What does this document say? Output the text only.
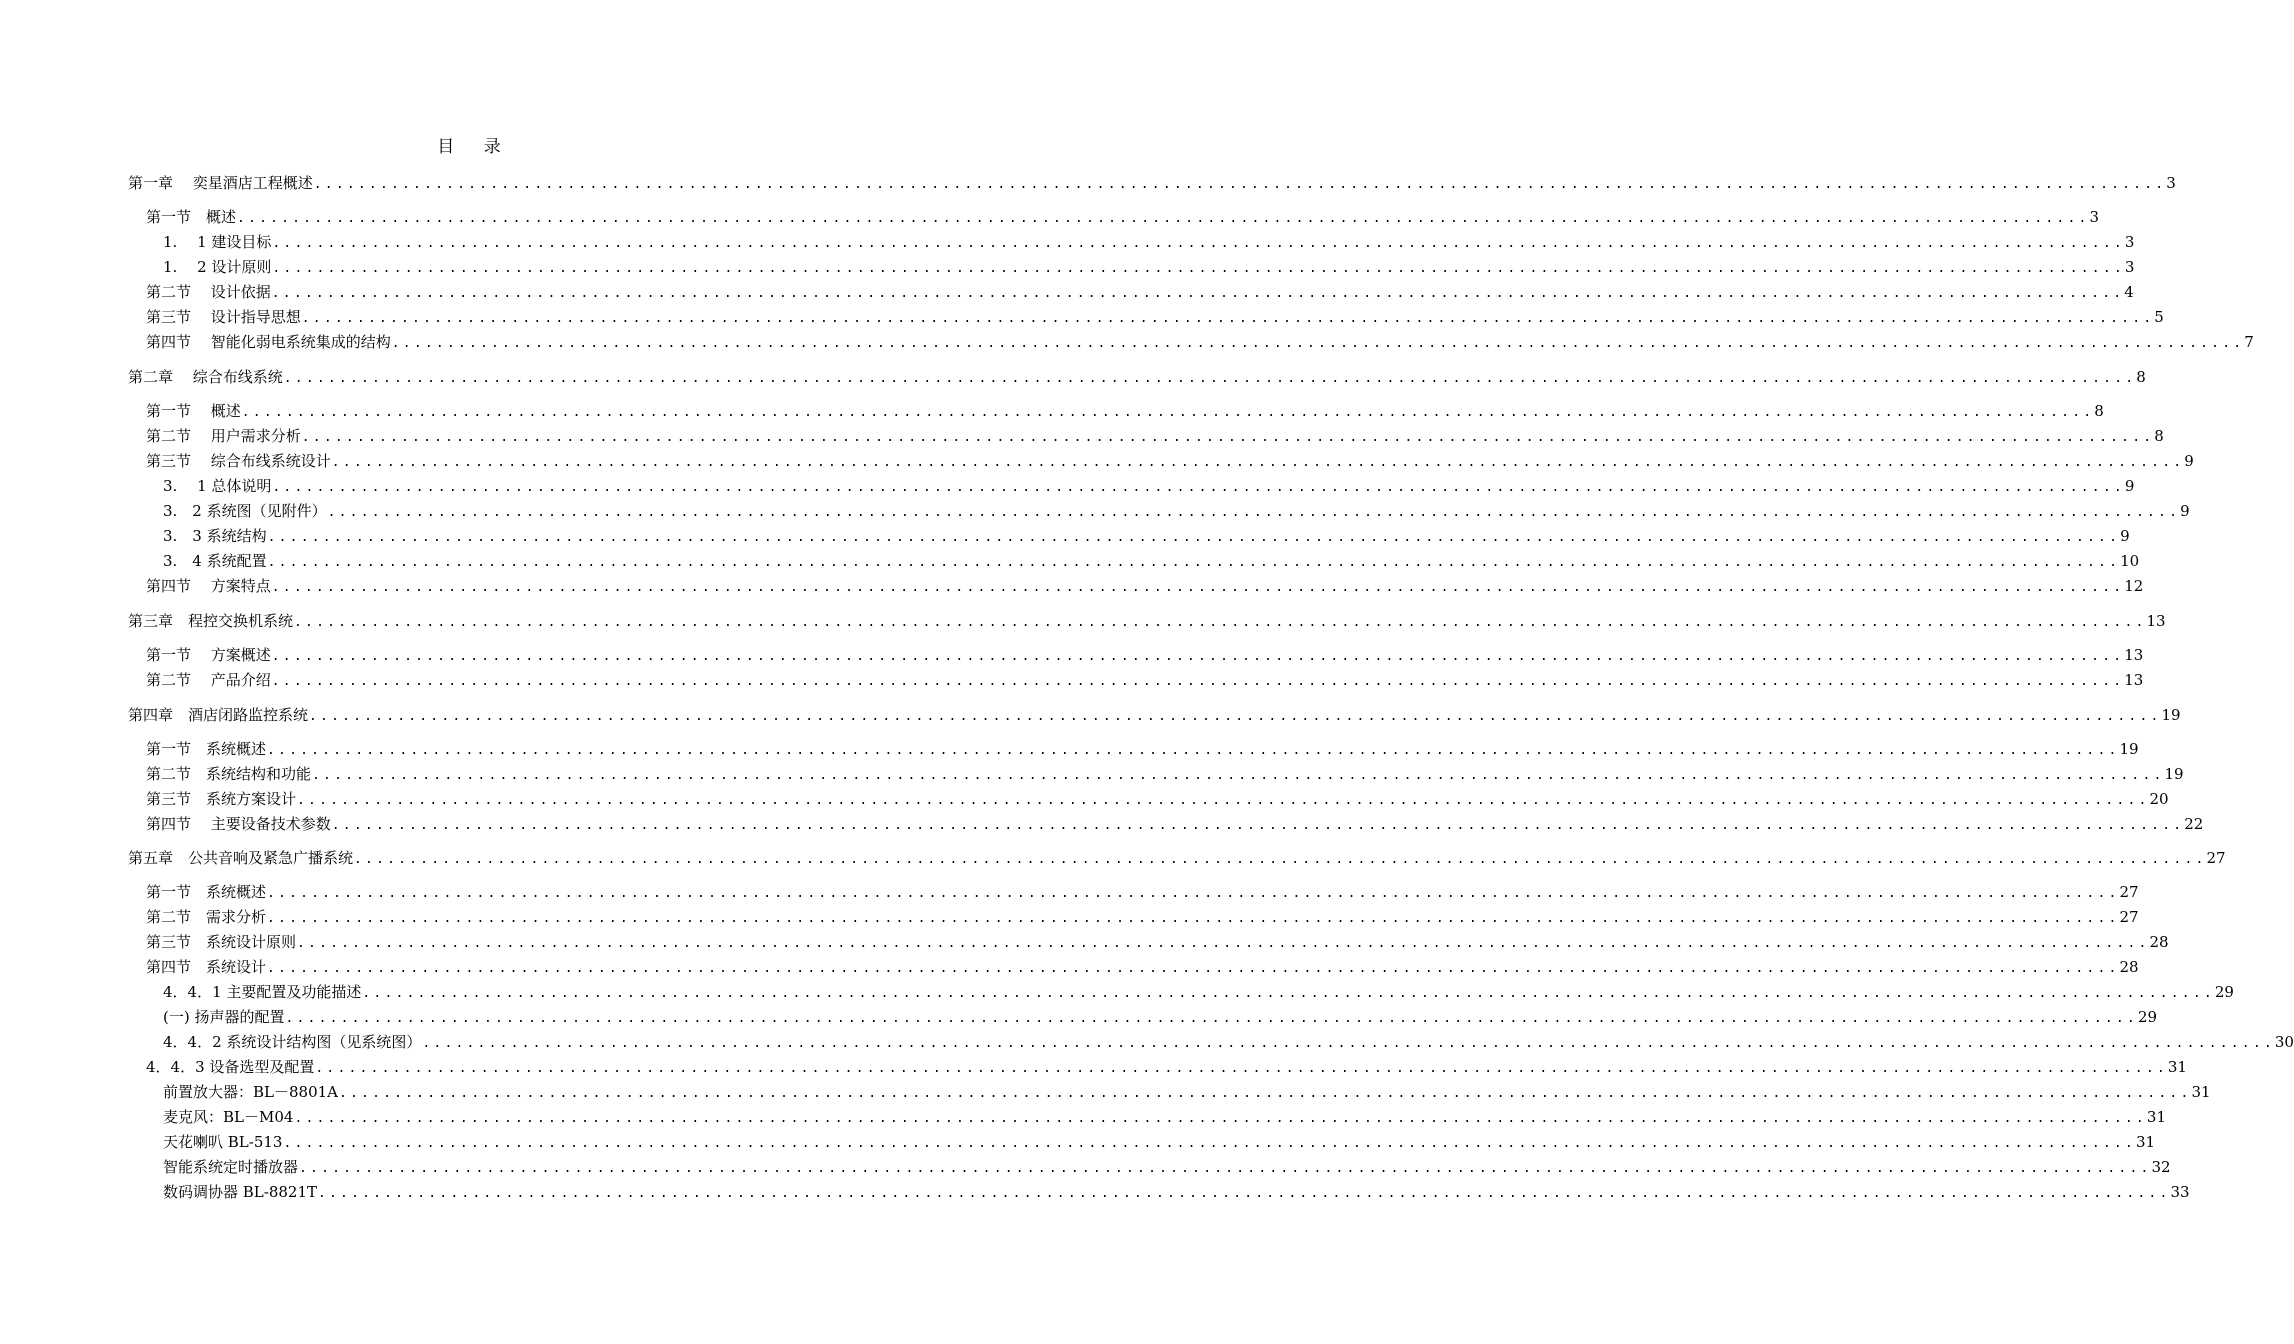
目 录
第一章　 奕星酒店工程概述 ........................................................................................................................................................................ 3
第一节　概述 ........................................................................................................................................................................ 3
1.　 1 建设目标 ........................................................................................................................................................................ 3
1.　 2 设计原则 ........................................................................................................................................................................ 3
第二节　 设计依据 ........................................................................................................................................................................ 4
第三节　 设计指导思想 ........................................................................................................................................................................ 5
第四节　 智能化弱电系统集成的结构 ........................................................................................................................................................................ 7
第二章　 综合布线系统 ........................................................................................................................................................................ 8
第一节　 概述 ........................................................................................................................................................................ 8
第二节　 用户需求分析 ........................................................................................................................................................................ 8
第三节　 综合布线系统设计 ........................................................................................................................................................................ 9
3.　 1 总体说明 ........................................................................................................................................................................ 9
3.　2 系统图（见附件） ........................................................................................................................................................................ 9
3.　3 系统结构 ........................................................................................................................................................................ 9
3.　4 系统配置 ........................................................................................................................................................................ 10
第四节　 方案特点 ........................................................................................................................................................................ 12
第三章　程控交换机系统 ........................................................................................................................................................................ 13
第一节　 方案概述 ........................................................................................................................................................................ 13
第二节　 产品介绍 ........................................................................................................................................................................ 13
第四章　酒店闭路监控系统 ........................................................................................................................................................................ 19
第一节　系统概述 ........................................................................................................................................................................ 19
第二节　系统结构和功能 ........................................................................................................................................................................ 19
第三节　系统方案设计 ........................................................................................................................................................................ 20
第四节　 主要设备技术参数 ........................................................................................................................................................................ 22
第五章　公共音响及紧急广播系统 ........................................................................................................................................................................ 27
第一节　系统概述 ........................................................................................................................................................................ 27
第二节　需求分析 ........................................................................................................................................................................ 27
第三节　系统设计原则 ........................................................................................................................................................................ 28
第四节　系统设计 ........................................................................................................................................................................ 28
4．4．1 主要配置及功能描述 ........................................................................................................................................................................ 29
(一) 扬声器的配置 ........................................................................................................................................................................ 29
4．4．2 系统设计结构图（见系统图） ........................................................................................................................................................................ 30
4．4．3 设备选型及配置 ........................................................................................................................................................................ 31
前置放大器：BL－8801A ........................................................................................................................................................................ 31
麦克风：BL－M04 ........................................................................................................................................................................ 31
天花喇叭 BL-513 ........................................................................................................................................................................ 31
智能系统定时播放器 ........................................................................................................................................................................ 32
数码调协器 BL-8821T ........................................................................................................................................................................ 33
